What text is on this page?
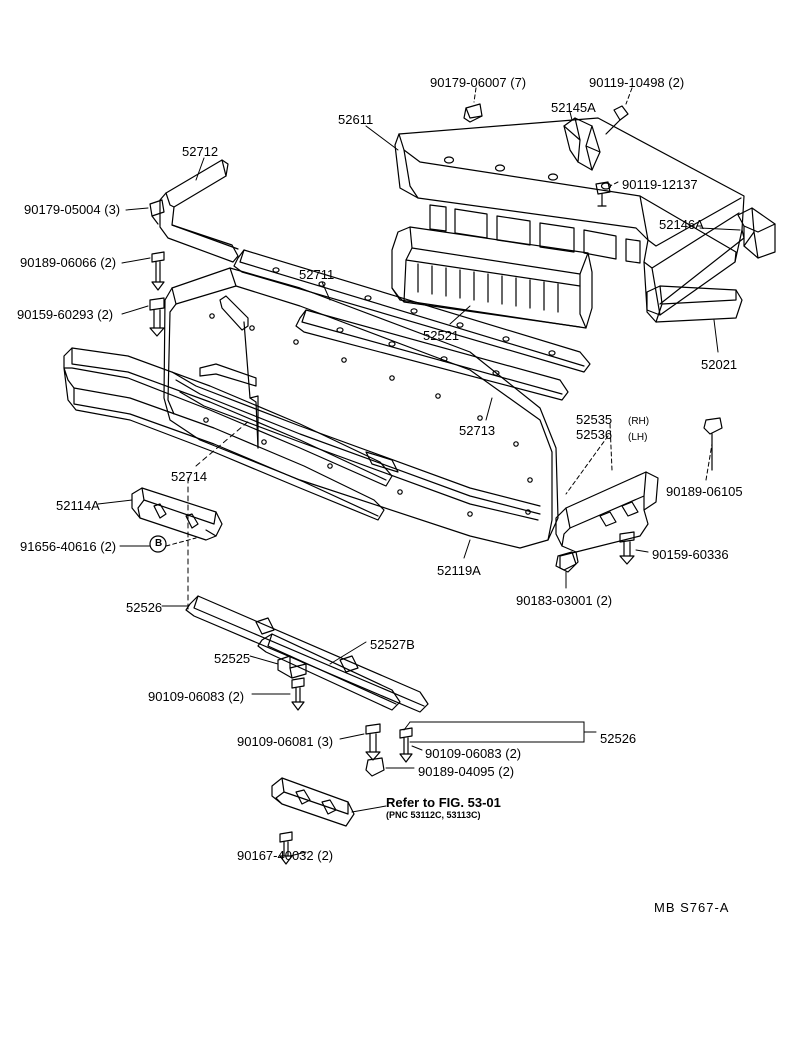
90179-06007 (7)	90119-10498 (2)
52145A
52611
90119-12137
52712
52146A
90179-05004 (3)
90189-06066 (2)
52711
90159-60293 (2)
52521
52021
52713
52535 (RH)
52536 (LH)
52714
90189-06105
52114A
91656-40616 (2)
90159-60336
52119A
90183-03001 (2)
52526
52527B
52525
90109-06083 (2)
90109-06081 (3)
90109-06083 (2)
52526
90189-04095 (2)
90167-40032 (2)
B
Refer to FIG. 53-01
(PNC 53112C, 53113C)
MB S767-A
